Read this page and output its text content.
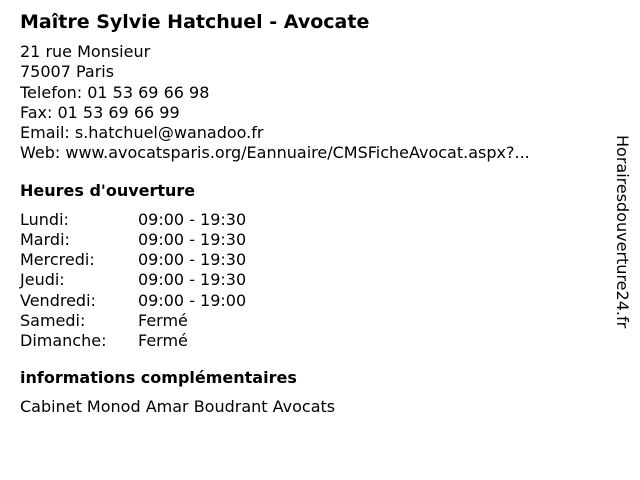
Maître Sylvie Hatchuel - Avocate
21 rue Monsieur
75007 Paris
Telefon: 01 53 69 66 98
Fax: 01 53 69 66 99
Email: s.hatchuel@wanadoo.fr
Web: www.avocatsparis.org/Eannuaire/CMSFicheAvocat.aspx?...
Heures d'ouverture
Lundi:	09:00 - 19:30
Mardi:	09:00 - 19:30
Mercredi:	09:00 - 19:30
Jeudi:	09:00 - 19:30
Vendredi:	09:00 - 19:00
Samedi:	Fermé
Dimanche:	Fermé
informations complémentaires
Cabinet Monod Amar Boudrant Avocats
Horairesdouverture24.fr
